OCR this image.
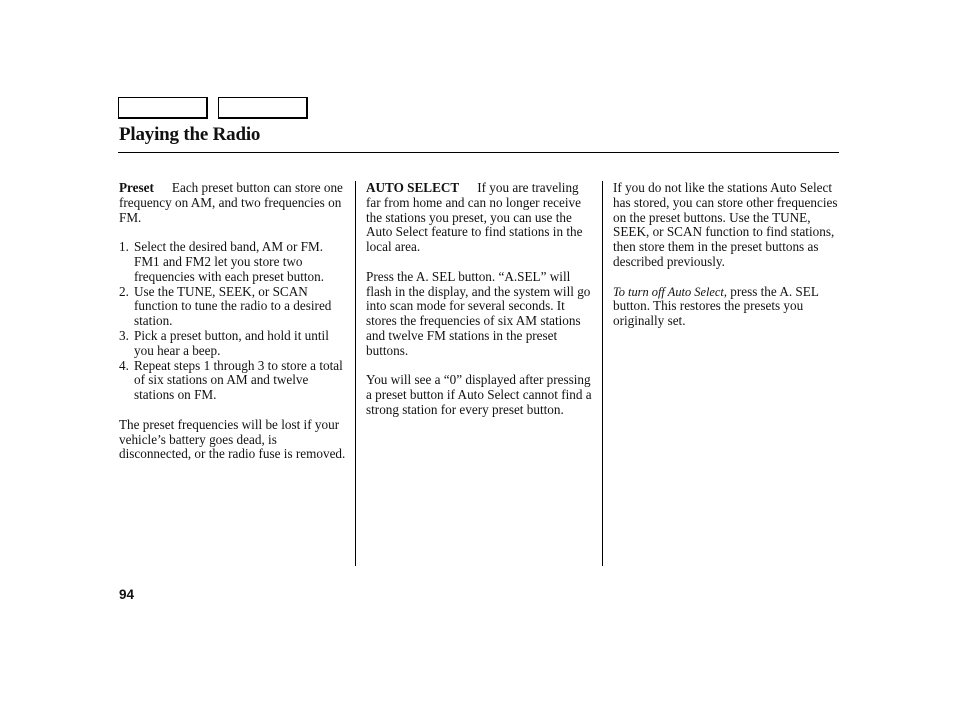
Playing the Radio

Preset Each preset button can store one frequency on AM, and two frequencies on FM.

1. Select the desired band, AM or FM. FM1 and FM2 let you store two frequencies with each preset button.
2. Use the TUNE, SEEK, or SCAN function to tune the radio to a desired station.
3. Pick a preset button, and hold it until you hear a beep.
4. Repeat steps 1 through 3 to store a total of six stations on AM and twelve stations on FM.

The preset frequencies will be lost if your vehicle’s battery goes dead, is disconnected, or the radio fuse is removed.

AUTO SELECT If you are traveling far from home and can no longer receive the stations you preset, you can use the Auto Select feature to find stations in the local area.

Press the A. SEL button. “A.SEL” will flash in the display, and the system will go into scan mode for several seconds. It stores the frequencies of six AM stations and twelve FM stations in the preset buttons.

You will see a “0” displayed after pressing a preset button if Auto Select cannot find a strong station for every preset button.

If you do not like the stations Auto Select has stored, you can store other frequencies on the preset buttons. Use the TUNE, SEEK, or SCAN function to find stations, then store them in the preset buttons as described previously.

To turn off Auto Select, press the A. SEL button. This restores the presets you originally set.

94
